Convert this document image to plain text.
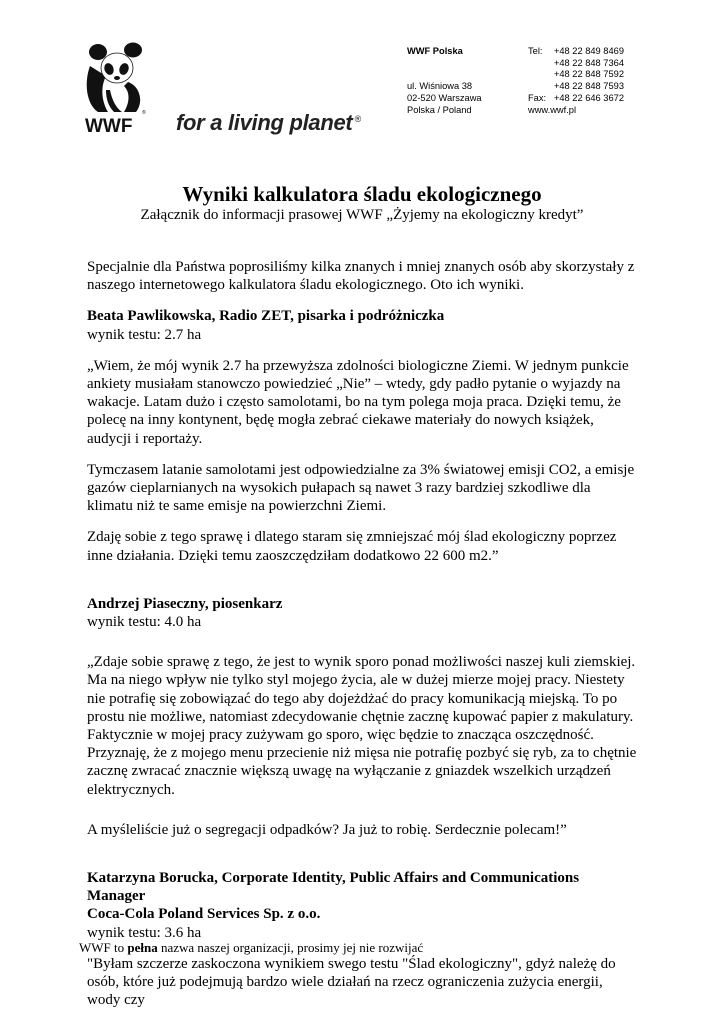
®
®
WWF for a living planet ®
WWF Polska
ul. Wiśniowa 38
02-520 Warszawa
Polska / Poland
Tel: +48 22 849 8469
+48 22 848 7364
+48 22 848 7592
+48 22 848 7593
Fax: +48 22 646 3672
www.wwf.pl
Wyniki kalkulatora śladu ekologicznego
Załącznik do informacji prasowej WWF „Żyjemy na ekologiczny kredyt”

Specjalnie dla Państwa poprosiliśmy kilka znanych i mniej znanych osób aby skorzystały z naszego internetowego kalkulatora śladu ekologicznego. Oto ich wyniki.

Beata Pawlikowska, Radio ZET, pisarka i podróżniczka

wynik testu: 2.7 ha

„Wiem, że mój wynik 2.7 ha przewyższa zdolności biologiczne Ziemi. W jednym punkcie ankiety musiałam stanowczo powiedzieć „Nie” – wtedy, gdy padło pytanie o wyjazdy na wakacje. Latam dużo i często samolotami, bo na tym polega moja praca. Dzięki temu, że polecę na inny kontynent, będę mogła zebrać ciekawe materiały do nowych książek, audycji i reportaży.

Tymczasem latanie samolotami jest odpowiedzialne za 3% światowej emisji CO2, a emisje gazów cieplarnianych na wysokich pułapach są nawet 3 razy bardziej szkodliwe dla klimatu niż te same emisje na powierzchni Ziemi.

Zdaję sobie z tego sprawę i dlatego staram się zmniejszać mój ślad ekologiczny poprzez inne działania. Dzięki temu zaoszczędziłam dodatkowo 22 600 m2.”

Andrzej Piaseczny, piosenkarz

wynik testu: 4.0 ha

„Zdaje sobie sprawę z tego, że jest to wynik sporo ponad możliwości naszej kuli ziemskiej. Ma na niego wpływ nie tylko styl mojego życia, ale w dużej mierze mojej pracy. Niestety nie potrafię się zobowiązać do tego aby dojeżdżać do pracy komunikacją miejską. To po prostu nie możliwe, natomiast zdecydowanie chętnie zacznę kupować papier z makulatury. Faktycznie w mojej pracy zużywam go sporo, więc będzie to znacząca oszczędność. Przyznaję, że z mojego menu przecienie niż mięsa nie potrafię pozbyć się ryb, za to chętnie zacznę zwracać znacznie większą uwagę na wyłączanie z gniazdek wszelkich urządzeń elektrycznych.

A myśleliście już o segregacji odpadków? Ja już to robię. Serdecznie polecam!”

Katarzyna Borucka, Corporate Identity, Public Affairs and Communications Manager

Coca-Cola Poland Services Sp. z o.o.

wynik testu: 3.6 ha

"Byłam szczerze zaskoczona wynikiem swego testu "Ślad ekologiczny", gdyż należę do osób, które już podejmują bardzo wiele działań na rzecz ograniczenia zużycia energii, wody czy

WWF to pełna nazwa naszej organizacji, prosimy jej nie rozwijać
